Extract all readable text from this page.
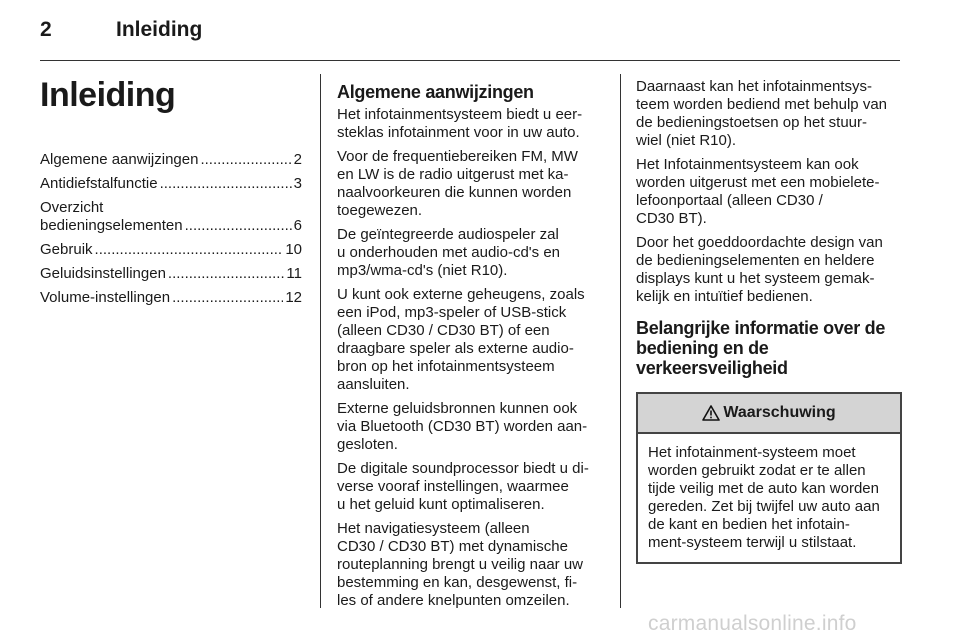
2	Inleiding
Inleiding
Algemene aanwijzingen .....	2
Antidiefstalfunctie .....	3
Overzicht
bedieningselementen .....	6
Gebruik .....	10
Geluidsinstellingen .....	11
Volume-instellingen .....	12
Algemene aanwijzingen

Het infotainmentsysteem biedt u eer-
steklas infotainment voor in uw auto.

Voor de frequentiebereiken FM, MW
en LW is de radio uitgerust met ka-
naalvoorkeuren die kunnen worden
toegewezen.

De geïntegreerde audiospeler zal
u onderhouden met audio-cd's en
mp3/wma-cd's (niet R10).

U kunt ook externe geheugens, zoals
een iPod, mp3-speler of USB-stick
(alleen CD30 / CD30 BT) of een
draagbare speler als externe audio-
bron op het infotainmentsysteem
aansluiten.

Externe geluidsbronnen kunnen ook
via Bluetooth (CD30 BT) worden aan-
gesloten.

De digitale soundprocessor biedt u di-
verse vooraf instellingen, waarmee
u het geluid kunt optimaliseren.

Het navigatiesysteem (alleen
CD30 / CD30 BT) met dynamische
routeplanning brengt u veilig naar uw
bestemming en kan, desgewenst, fi-
les of andere knelpunten omzeilen.

Daarnaast kan het infotainmentsys-
teem worden bediend met behulp van
de bedieningstoetsen op het stuur-
wiel (niet R10).

Het Infotainmentsysteem kan ook
worden uitgerust met een mobielete-
lefoonportaal (alleen CD30 /
CD30 BT).

Door het goeddoordachte design van
de bedieningselementen en heldere
displays kunt u het systeem gemak-
kelijk en intuïtief bedienen.

Belangrijke informatie over de
bediening en de
verkeersveiligheid
Waarschuwing
Het infotainment-systeem moet
worden gebruikt zodat er te allen
tijde veilig met de auto kan worden
gereden. Zet bij twijfel uw auto aan
de kant en bedien het infotain-
ment-systeem terwijl u stilstaat.
carmanualsonline.info
